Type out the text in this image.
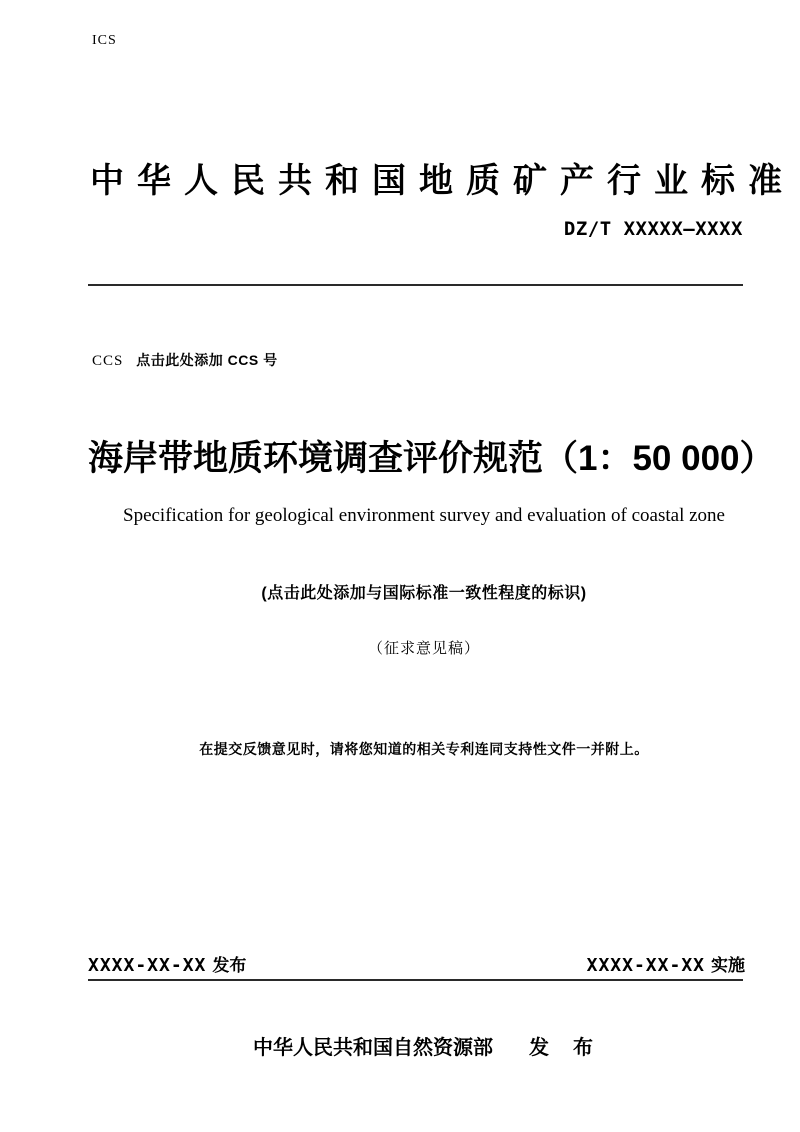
ICS
中华人民共和国地质矿产行业标准
DZ/T XXXXX—XXXX
CCS 点击此处添加 CCS 号
海岸带地质环境调查评价规范（1：50 000）
Specification for geological environment survey and evaluation of coastal zone
(点击此处添加与国际标准一致性程度的标识)
（征求意见稿）
在提交反馈意见时，请将您知道的相关专利连同支持性文件一并附上。
XXXX-XX-XX 发布	XXXX-XX-XX 实施
中华人民共和国自然资源部 发　布
